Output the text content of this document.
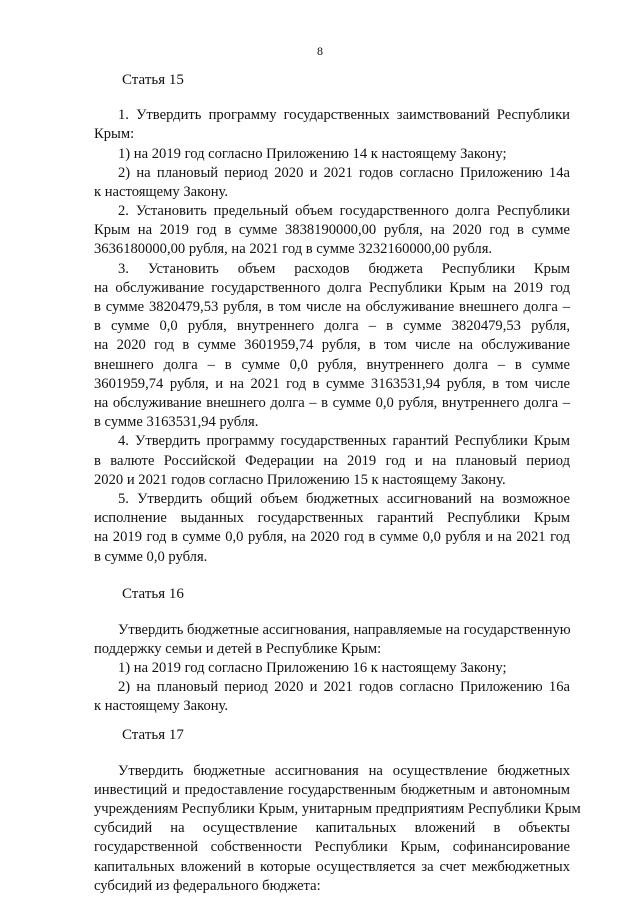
8
Статья 15
1. Утвердить программу государственных заимствований Республики
Крым:
1) на 2019 год согласно Приложению 14 к настоящему Закону;
2) на плановый период 2020 и 2021 годов согласно Приложению 14а
к настоящему Закону.
2. Установить предельный объем государственного долга Республики
Крым на 2019 год в сумме 3838190000,00 рубля, на 2020 год в сумме
3636180000,00 рубля, на 2021 год в сумме 3232160000,00 рубля.
3. Установить объем расходов бюджета Республики Крым
на обслуживание государственного долга Республики Крым на 2019 год
в сумме 3820479,53 рубля, в том числе на обслуживание внешнего долга –
в сумме 0,0 рубля, внутреннего долга – в сумме 3820479,53 рубля,
на 2020 год в сумме 3601959,74 рубля, в том числе на обслуживание
внешнего долга – в сумме 0,0 рубля, внутреннего долга – в сумме
3601959,74 рубля, и на 2021 год в сумме 3163531,94 рубля, в том числе
на обслуживание внешнего долга – в сумме 0,0 рубля, внутреннего долга –
в сумме 3163531,94 рубля.
4. Утвердить программу государственных гарантий Республики Крым
в валюте Российской Федерации на 2019 год и на плановый период
2020 и 2021 годов согласно Приложению 15 к настоящему Закону.
5. Утвердить общий объем бюджетных ассигнований на возможное
исполнение выданных государственных гарантий Республики Крым
на 2019 год в сумме 0,0 рубля, на 2020 год в сумме 0,0 рубля и на 2021 год
в сумме 0,0 рубля.
Статья 16
Утвердить бюджетные ассигнования, направляемые на государственную
поддержку семьи и детей в Республике Крым:
1) на 2019 год согласно Приложению 16 к настоящему Закону;
2) на плановый период 2020 и 2021 годов согласно Приложению 16а
к настоящему Закону.
Статья 17
Утвердить бюджетные ассигнования на осуществление бюджетных
инвестиций и предоставление государственным бюджетным и автономным
учреждениям Республики Крым, унитарным предприятиям Республики Крым
субсидий на осуществление капитальных вложений в объекты
государственной собственности Республики Крым, софинансирование
капитальных вложений в которые осуществляется за счет межбюджетных
субсидий из федерального бюджета:
